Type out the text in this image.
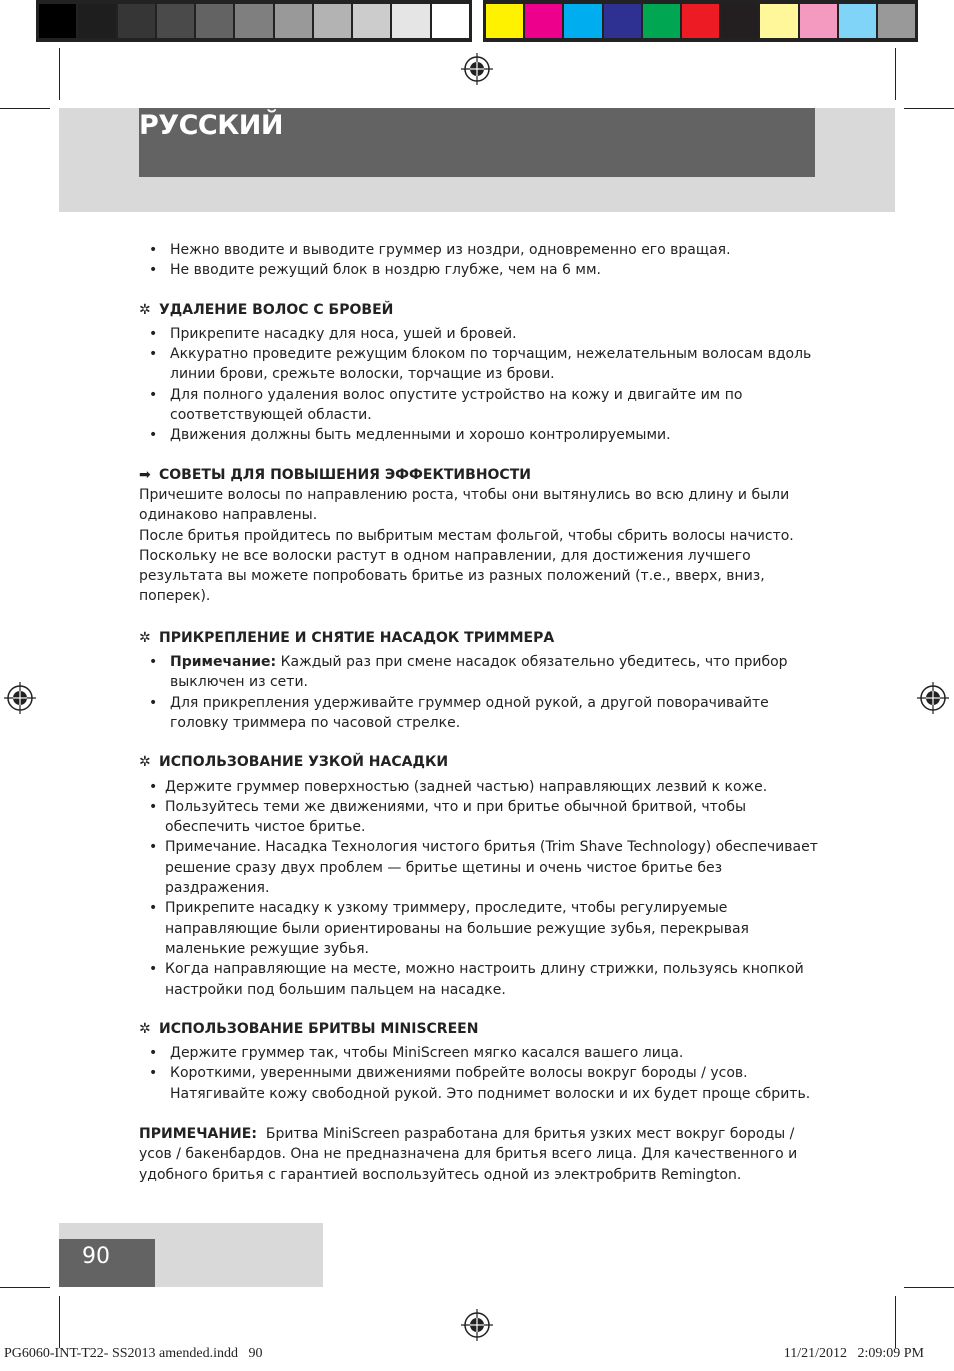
PУCCКИЙ
• Нежно вводите и выводите груммер из ноздри, одновременно его вращая.
• Не вводите режущий блок в ноздрю глубже, чем на 6 мм.
✲ УДАЛЕНИЕ ВОЛОС С БРОВЕЙ
• Прикрепите насадку для носа, ушей и бровей.
• Аккуратно проведите режущим блоком по торчащим, нежелательным волосам вдоль линии брови, срежьте волоски, торчащие из брови.
• Для полного удаления волос опустите устройство на кожу и двигайте им по соответствующей области.
• Движения должны быть медленными и хорошо контролируемыми.
➡ СОВЕТЫ ДЛЯ ПОВЫШЕНИЯ ЭФФЕКТИВНОСТИ

Причешите волосы по направлению роста, чтобы они вытянулись во всю длину и были одинаково направлены.

После бритья пройдитесь по выбритым местам фольгой, чтобы сбрить волосы начисто. Поскольку не все волоски растут в одном направлении, для достижения лучшего результата вы можете попробовать бритье из разных положений (т.е., вверх, вниз, поперек).

✲ ПРИКРЕПЛЕНИЕ И СНЯТИЕ НАСАДОК ТРИММЕРА
• Примечание: Каждый раз при смене насадок обязательно убедитесь, что прибор выключен из сети.
• Для прикрепления удерживайте груммер одной рукой, а другой поворачивайте головку триммера по часовой стрелке.
✲ ИСПОЛЬЗОВАНИЕ УЗКОЙ НАСАДКИ
• Держите груммер поверхностью (задней частью) направляющих лезвий к коже.
• Пользуйтесь теми же движениями, что и при бритье обычной бритвой, чтобы обеспечить чистое бритье.
• Примечание. Насадка Технология чистого бритья (Trim Shave Technology) обеспечивает решение сразу двух проблем — бритье щетины и очень чистое бритье без раздражения.
• Прикрепите насадку к узкому триммеру, проследите, чтобы регулируемые направляющие были ориентированы на большие режущие зубья, перекрывая маленькие режущие зубья.
• Когда направляющие на месте, можно настроить длину стрижки, пользуясь кнопкой настройки под большим пальцем на насадке.
✲ ИСПОЛЬЗОВАНИЕ БРИТВЫ MINISCREEN
• Держите груммер так, чтобы MiniScreen мягко касался вашего лица.
• Короткими, уверенными движениями побрейте волосы вокруг бороды / усов. Натягивайте кожу свободной рукой. Это поднимет волоски и их будет проще сбрить.

ПРИМЕЧАНИЕ:  Бритва MiniScreen разработана для бритья узких мест вокруг бороды / усов / бакенбардов. Она не предназначена для бритья всего лица. Для качественного и удобного бритья с гарантией воспользуйтесь одной из электробритв Remington.

90
PG6060-INT-T22- SS2013 amended.indd   90	11/21/2012   2:09:09 PM
